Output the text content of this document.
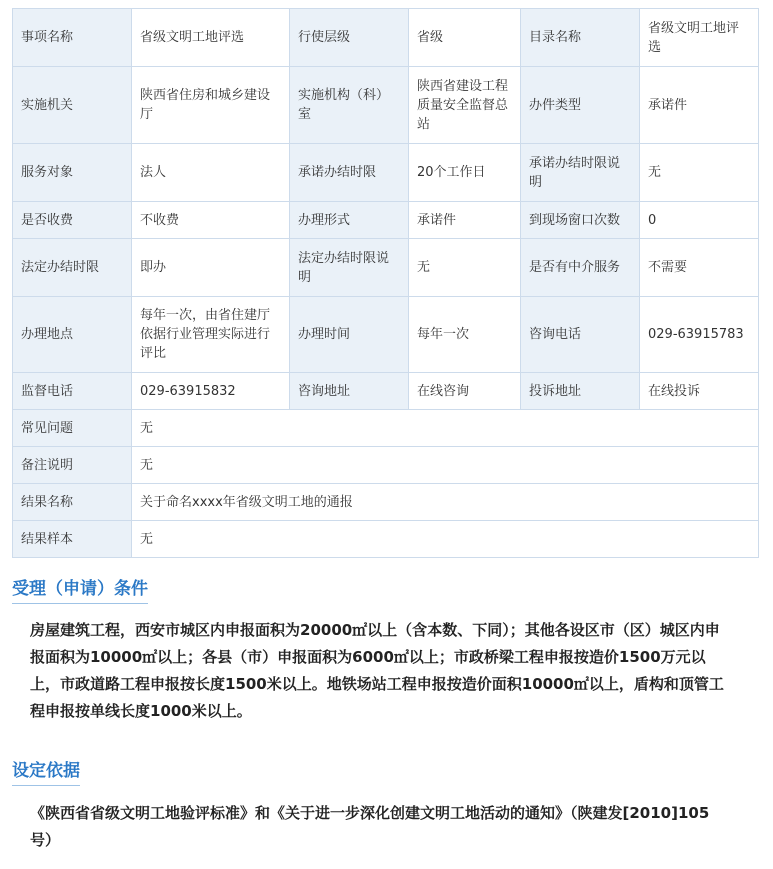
事项名称	省级文明工地评选	行使层级	省级	目录名称	省级文明工地评选
实施机关	陕西省住房和城乡建设厅	实施机构（科）室	陕西省建设工程质量安全监督总站	办件类型	承诺件
服务对象	法人	承诺办结时限	20个工作日	承诺办结时限说明	无
是否收费	不收费	办理形式	承诺件	到现场窗口次数	0
法定办结时限	即办	法定办结时限说明	无	是否有中介服务	不需要
办理地点	每年一次，由省住建厅依据行业管理实际进行评比	办理时间	每年一次	咨询电话	029-63915783
监督电话	029-63915832	咨询地址	在线咨询	投诉地址	在线投诉
常见问题	无				
备注说明	无				
结果名称	关于命名xxxx年省级文明工地的通报				
结果样本	无				
受理（申请）条件
房屋建筑工程，西安市城区内申报面积为20000㎡以上（含本数、下同）；其他各设区市（区）城区内申报面积为10000㎡以上；各县（市）申报面积为6000㎡以上；市政桥梁工程申报按造价1500万元以上，市政道路工程申报按长度1500米以上。地铁场站工程申报按造价面积10000㎡以上，盾构和顶管工程申报按单线长度1000米以上。
设定依据
《陕西省省级文明工地验评标准》和《关于进一步深化创建文明工地活动的通知》（陕建发[2010]105号）
